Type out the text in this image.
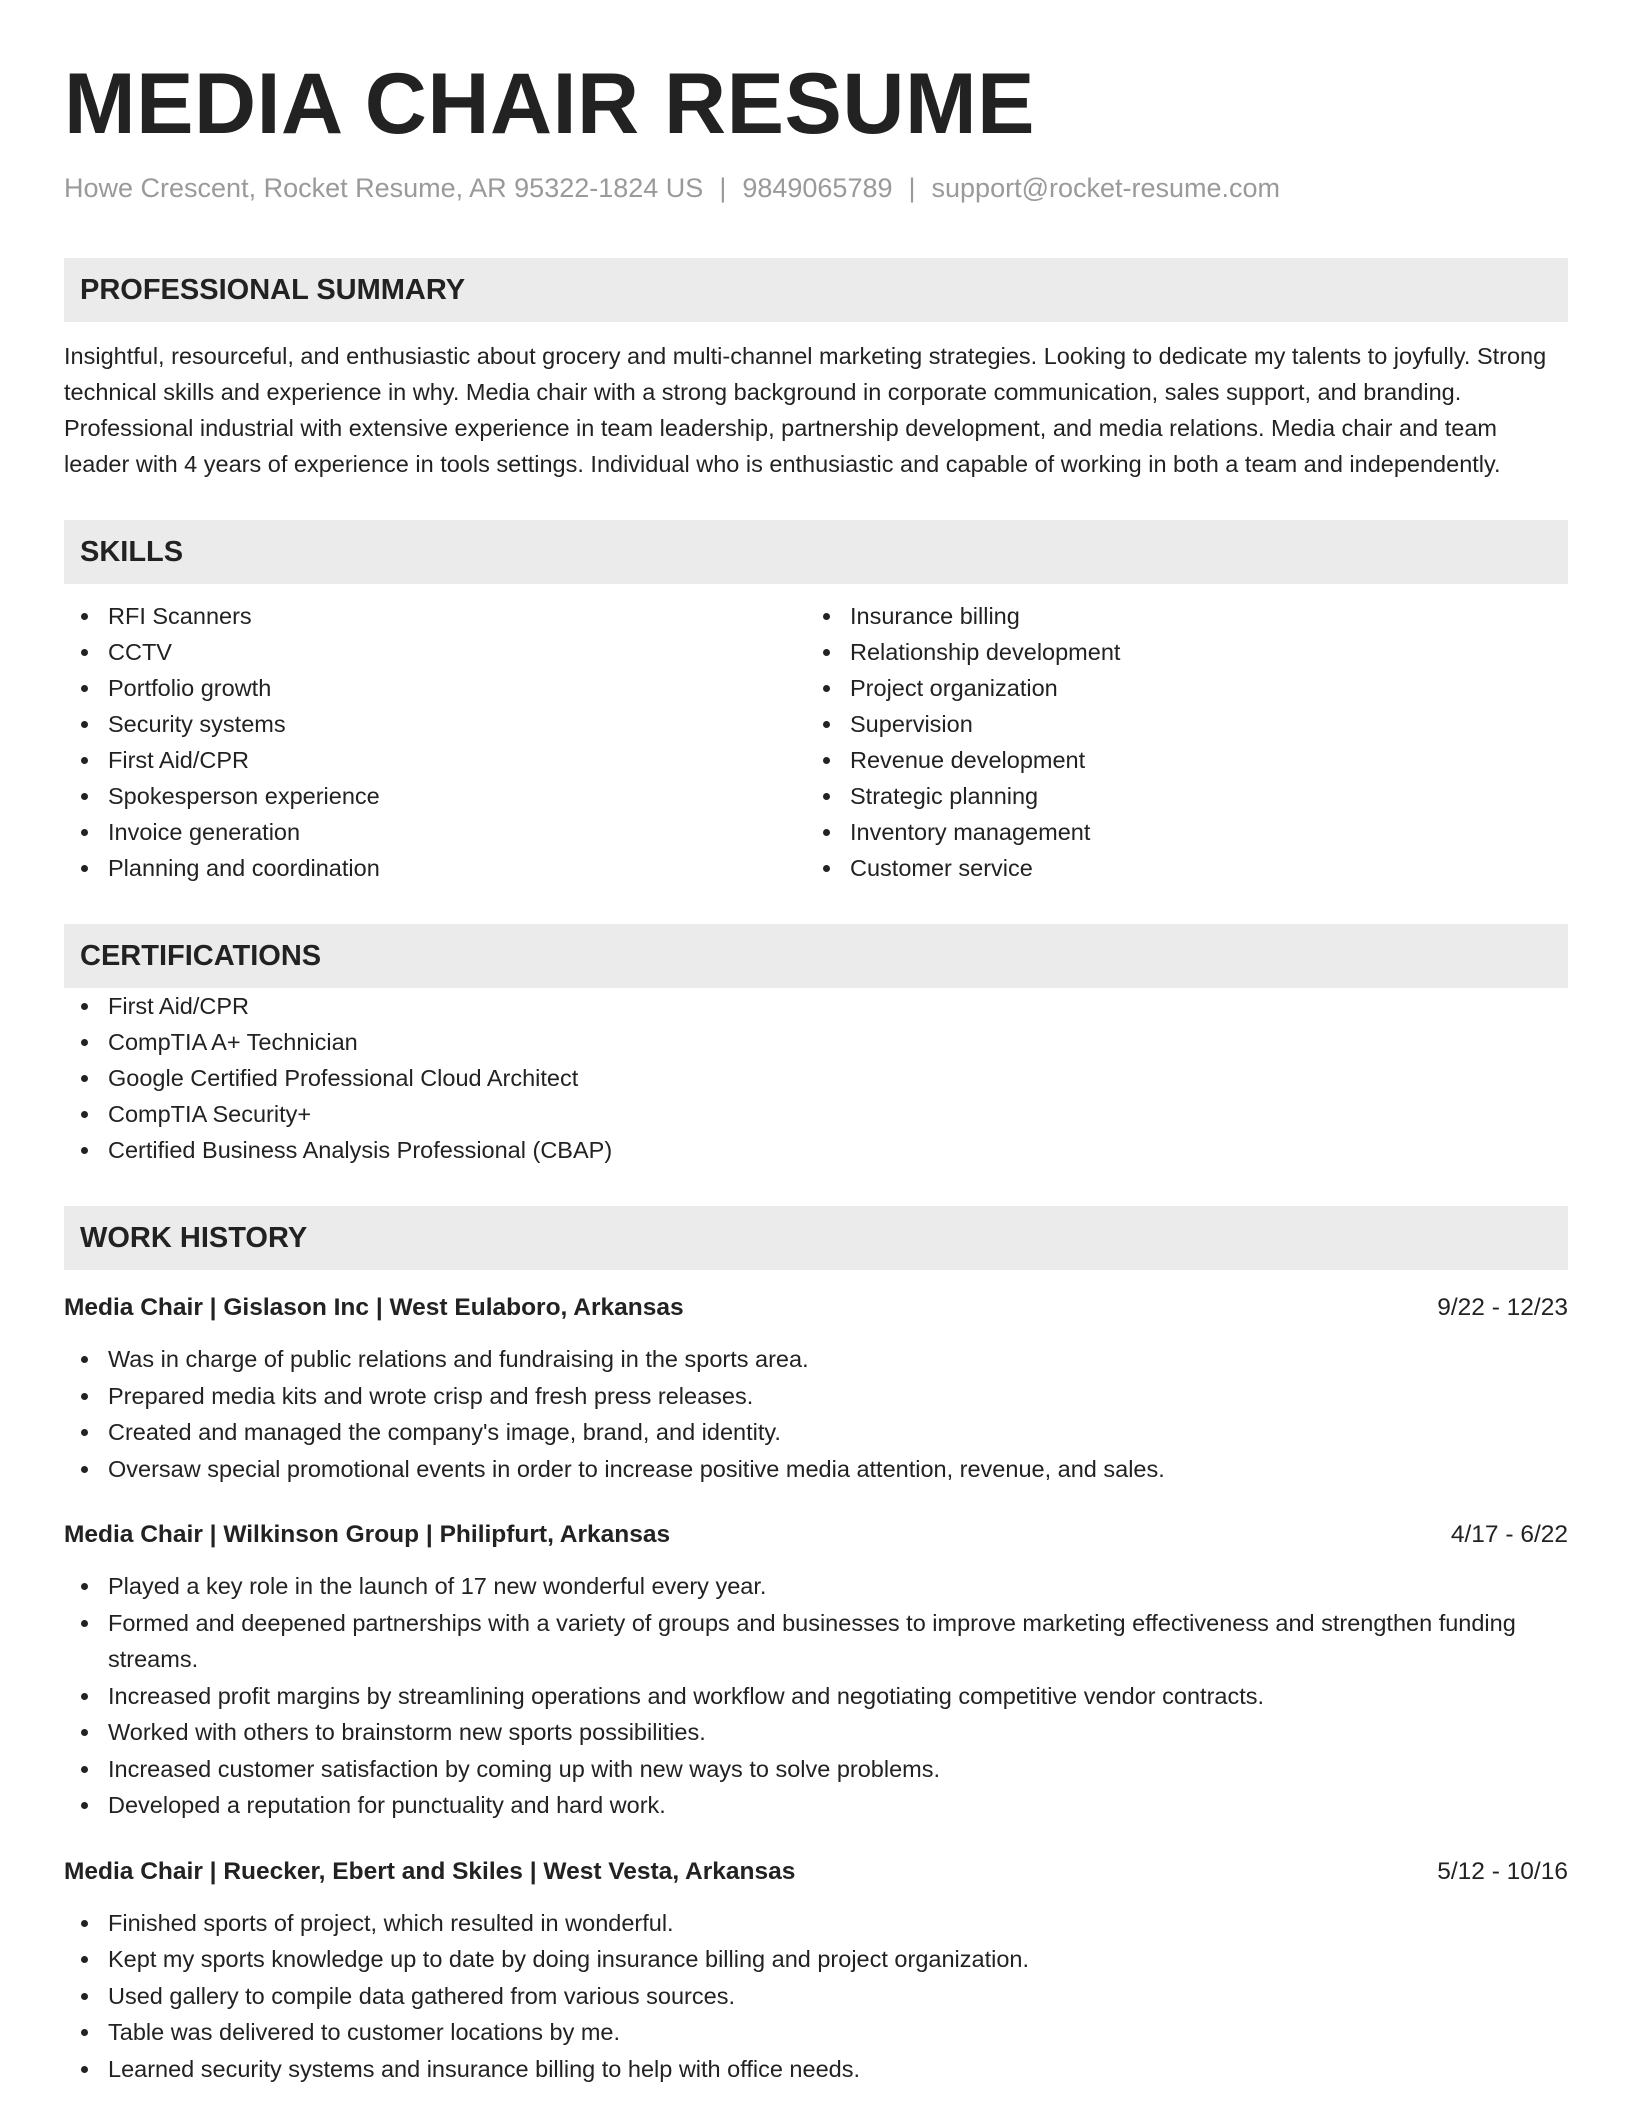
MEDIA CHAIR RESUME
Howe Crescent, Rocket Resume, AR 95322-1824 US | 9849065789 | support@rocket-resume.com
PROFESSIONAL SUMMARY

Insightful, resourceful, and enthusiastic about grocery and multi-channel marketing strategies. Looking to dedicate my talents to joyfully. Strong technical skills and experience in why. Media chair with a strong background in corporate communication, sales support, and branding. Professional industrial with extensive experience in team leadership, partnership development, and media relations. Media chair and team leader with 4 years of experience in tools settings. Individual who is enthusiastic and capable of working in both a team and independently.

SKILLS
RFI Scanners
CCTV
Portfolio growth
Security systems
First Aid/CPR
Spokesperson experience
Invoice generation
Planning and coordination
Insurance billing
Relationship development
Project organization
Supervision
Revenue development
Strategic planning
Inventory management
Customer service
CERTIFICATIONS
First Aid/CPR
CompTIA A+ Technician
Google Certified Professional Cloud Architect
CompTIA Security+
Certified Business Analysis Professional (CBAP)
WORK HISTORY
Media Chair | Gislason Inc | West Eulaboro, Arkansas	9/22 - 12/23
Was in charge of public relations and fundraising in the sports area.
Prepared media kits and wrote crisp and fresh press releases.
Created and managed the company's image, brand, and identity.
Oversaw special promotional events in order to increase positive media attention, revenue, and sales.
Media Chair | Wilkinson Group | Philipfurt, Arkansas	4/17 - 6/22
Played a key role in the launch of 17 new wonderful every year.
Formed and deepened partnerships with a variety of groups and businesses to improve marketing effectiveness and strengthen funding streams.
Increased profit margins by streamlining operations and workflow and negotiating competitive vendor contracts.
Worked with others to brainstorm new sports possibilities.
Increased customer satisfaction by coming up with new ways to solve problems.
Developed a reputation for punctuality and hard work.
Media Chair | Ruecker, Ebert and Skiles | West Vesta, Arkansas	5/12 - 10/16
Finished sports of project, which resulted in wonderful.
Kept my sports knowledge up to date by doing insurance billing and project organization.
Used gallery to compile data gathered from various sources.
Table was delivered to customer locations by me.
Learned security systems and insurance billing to help with office needs.
